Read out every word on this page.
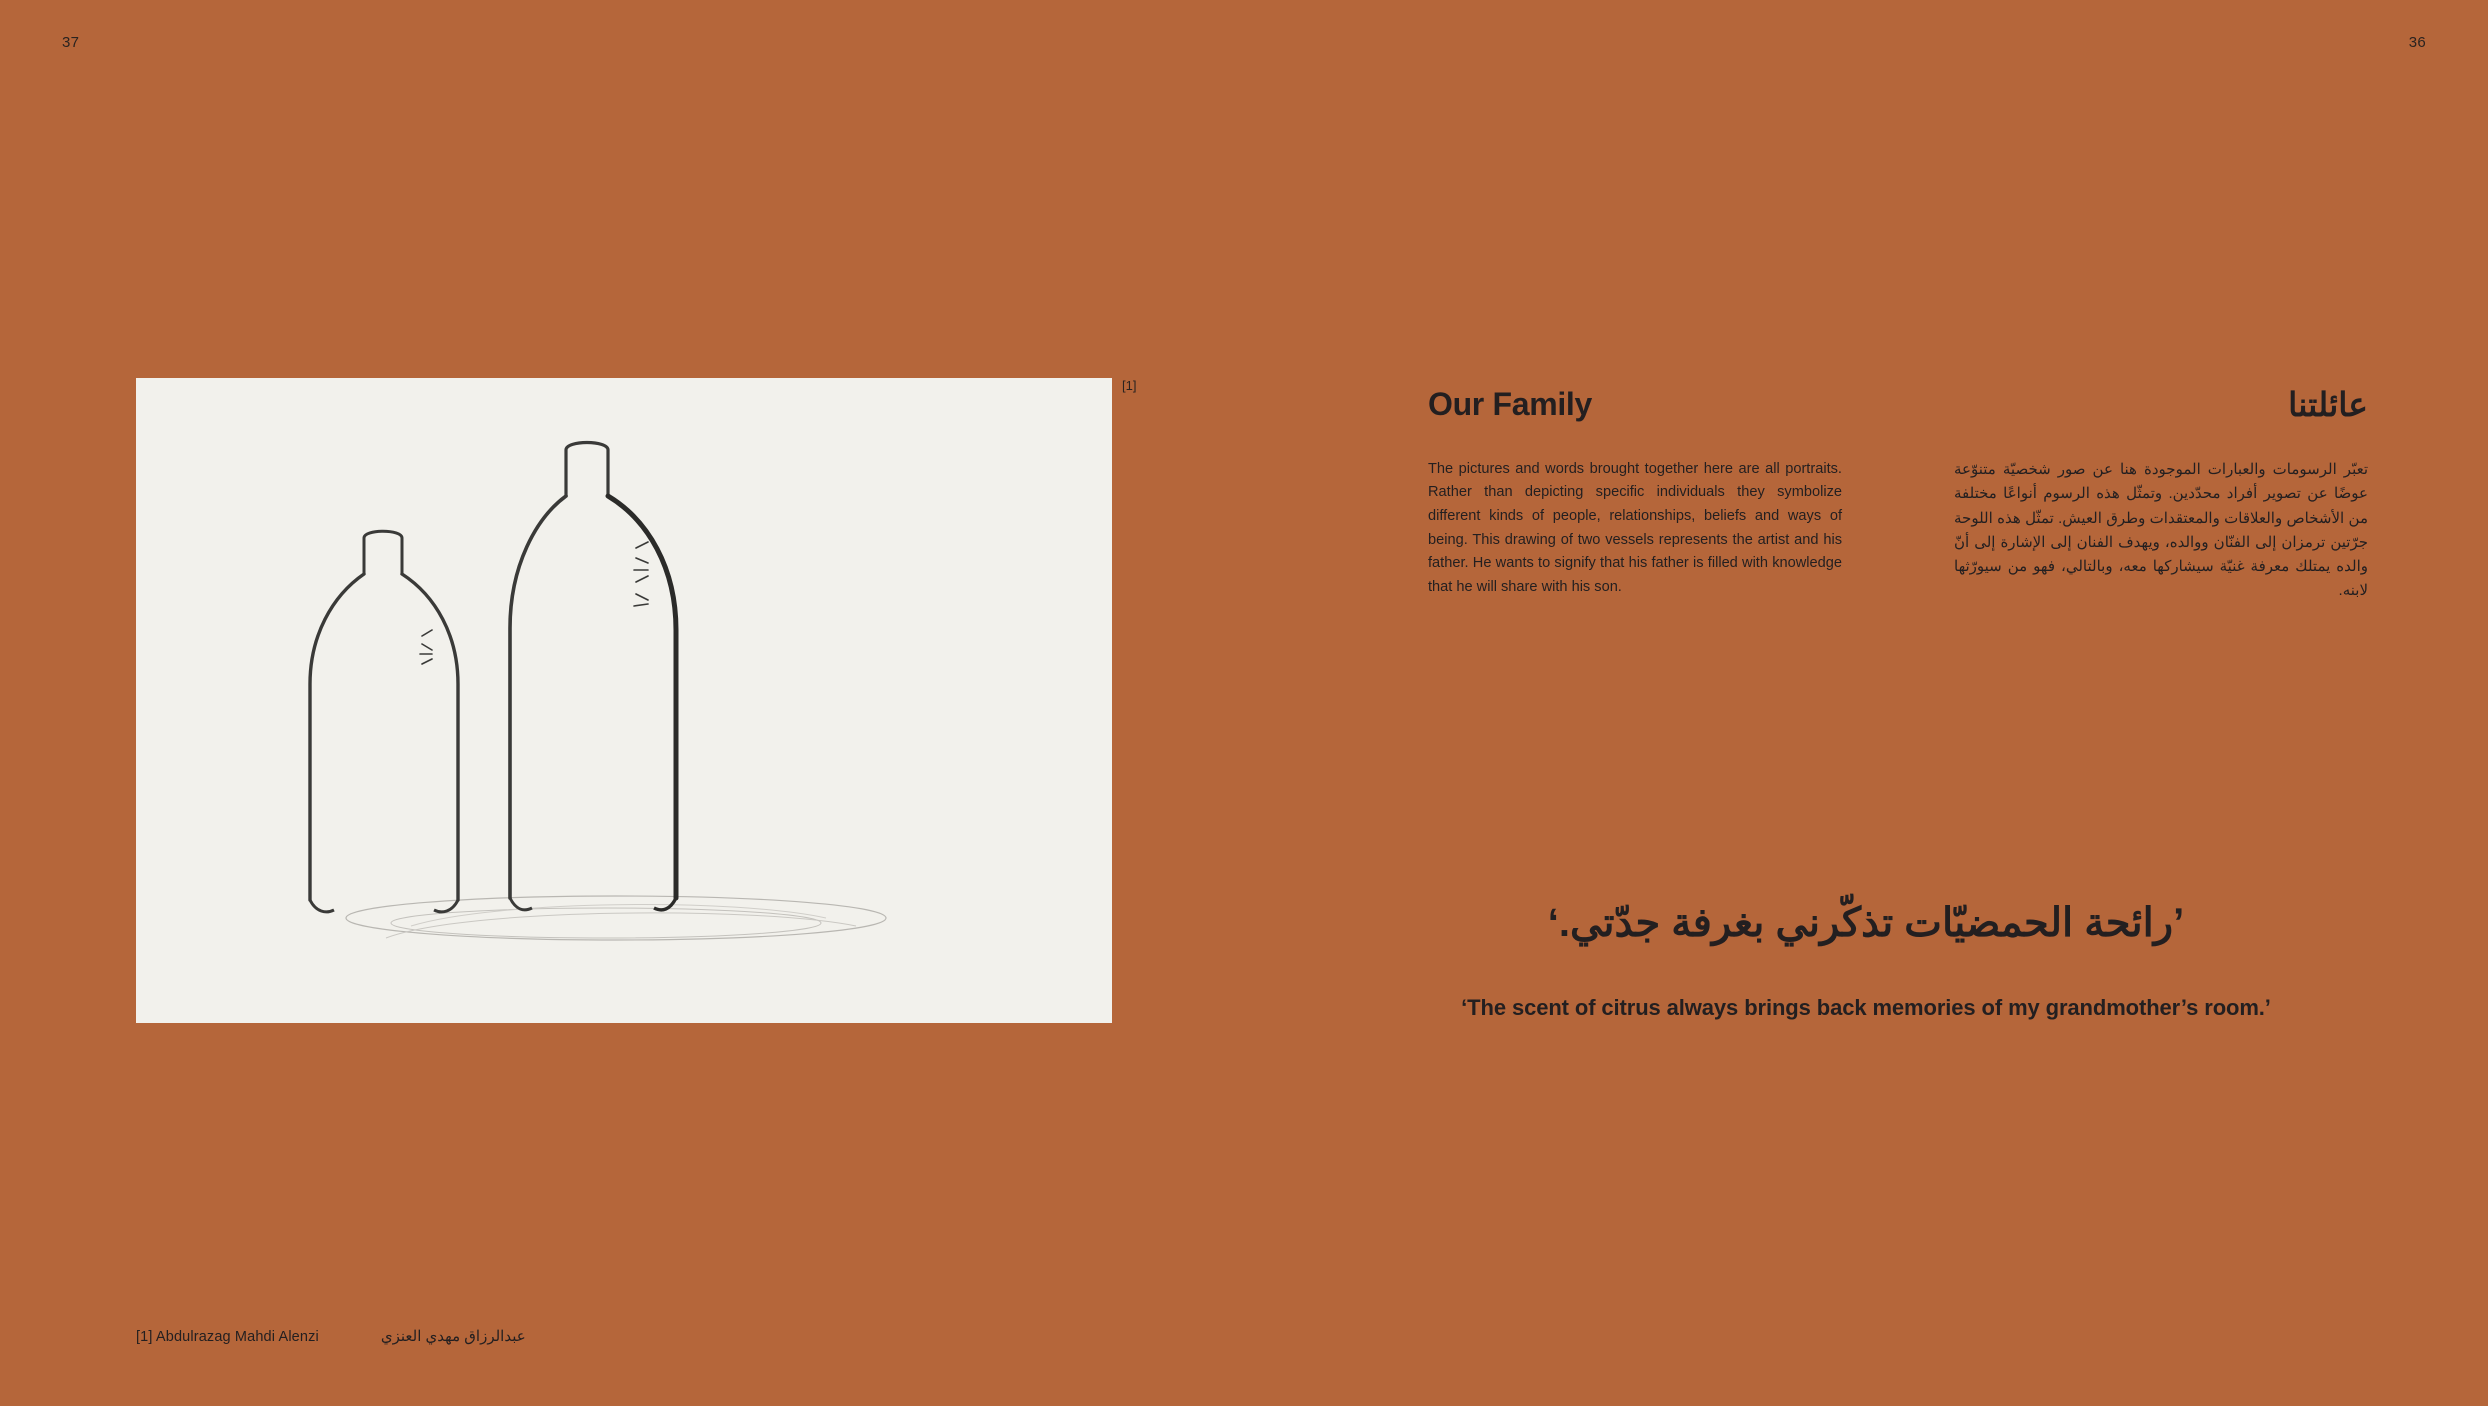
37	36
[1]
[1] Abdulrazag Mahdi Alenzi	عبدالرزاق مهدي العنزي
Our Family	عائلتنا

The pictures and words brought together here are all portraits. Rather than depicting specific individuals they symbolize different kinds of people, relationships, beliefs and ways of being. This drawing of two vessels represents the artist and his father. He wants to signify that his father is filled with knowledge that he will share with his son.

تعبّر الرسومات والعبارات الموجودة هنا عن صور شخصيّة متنوّعة عوضًا عن تصوير أفراد محدّدين. وتمثّل هذه الرسوم أنواعًا مختلفة من الأشخاص والعلاقات والمعتقدات وطرق العيش. تمثّل هذه اللوحة جرّتين ترمزان إلى الفنّان ووالده، ويهدف الفنان إلى الإشارة إلى أنّ والده يمتلك معرفة غنيّة سيشاركها معه، وبالتالي، فهو من سيورّثها لابنه.

’رائحة الحمضيّات تذكّرني بغرفة جدّتي.‘
‘The scent of citrus always brings back memories of my grandmother’s room.’
